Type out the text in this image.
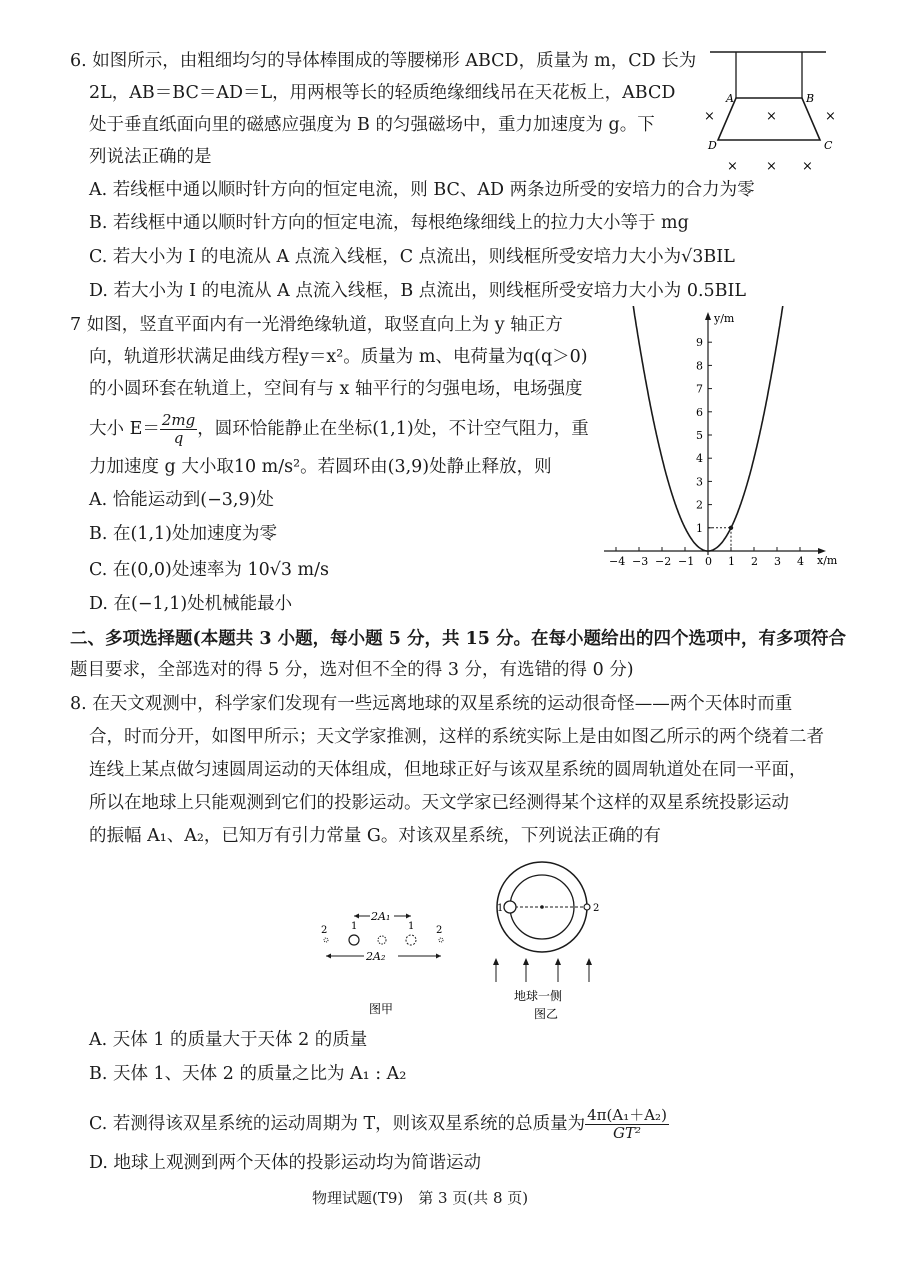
6. 如图所示，由粗细均匀的导体棒围成的等腰梯形 ABCD，质量为 m，CD 长为
2L，AB＝BC＝AD＝L，用两根等长的轻质绝缘细线吊在天花板上，ABCD
处于垂直纸面向里的磁感应强度为 B 的匀强磁场中，重力加速度为 g。下
列说法正确的是
A. 若线框中通以顺时针方向的恒定电流，则 BC、AD 两条边所受的安培力的合力为零
B. 若线框中通以顺时针方向的恒定电流，每根绝缘细线上的拉力大小等于 mg
C. 若大小为 I 的电流从 A 点流入线框，C 点流出，则线框所受安培力大小为√3BIL
D. 若大小为 I 的电流从 A 点流入线框，B 点流出，则线框所受安培力大小为 0.5BIL
A	B
C
D
×	×	×
× × ×
7 如图，竖直平面内有一光滑绝缘轨道，取竖直向上为 y 轴正方
向，轨道形状满足曲线方程y＝x²。质量为 m、电荷量为q(q＞0)
的小圆环套在轨道上，空间有与 x 轴平行的匀强电场，电场强度
大小 $E= \frac{2mg}{q}$ ，圆环恰能静止在坐标(1,1)处，不计空气阻力，重
力加速度 g 大小取10 m/s²。若圆环由(3,9)处静止释放，则
A. 恰能运动到(−3,9)处
B. 在(1,1)处加速度为零
C. 在(0,0)处速率为 10√3 m/s
D. 在(−1,1)处机械能最小
−4 −3 −2 −1 0 1 2 3 4
1
2
3
4
5
6
7
8
9
y/m
x/m
二、多项选择题(本题共 3 小题，每小题 5 分，共 15 分。在每小题给出的四个选项中，有多项符合
题目要求，全部选对的得 5 分，选对但不全的得 3 分，有选错的得 0 分)
8. 在天文观测中，科学家们发现有一些远离地球的双星系统的运动很奇怪——两个天体时而重
合，时而分开，如图甲所示；天文学家推测，这样的系统实际上是由如图乙所示的两个绕着二者
连线上某点做匀速圆周运动的天体组成，但地球正好与该双星系统的圆周轨道处在同一平面，
所以在地球上只能观测到它们的投影运动。天文学家已经测得某个这样的双星系统投影运动
的振幅 A₁、A₂，已知万有引力常量 G。对该双星系统，下列说法正确的有
2	2
1	1
2A₁
2A₂
图甲
1	2
地球一侧
图乙
A. 天体 1 的质量大于天体 2 的质量
B. 天体 1、天体 2 的质量之比为 A₁ : A₂
C. 若测得该双星系统的运动周期为 T，则该双星系统的总质量为 $\frac{\text{4π(A₁＋A₂)}}{\text{GT²}}$
D. 地球上观测到两个天体的投影运动均为简谐运动
物理试题(T9)　第 3 页(共 8 页)
